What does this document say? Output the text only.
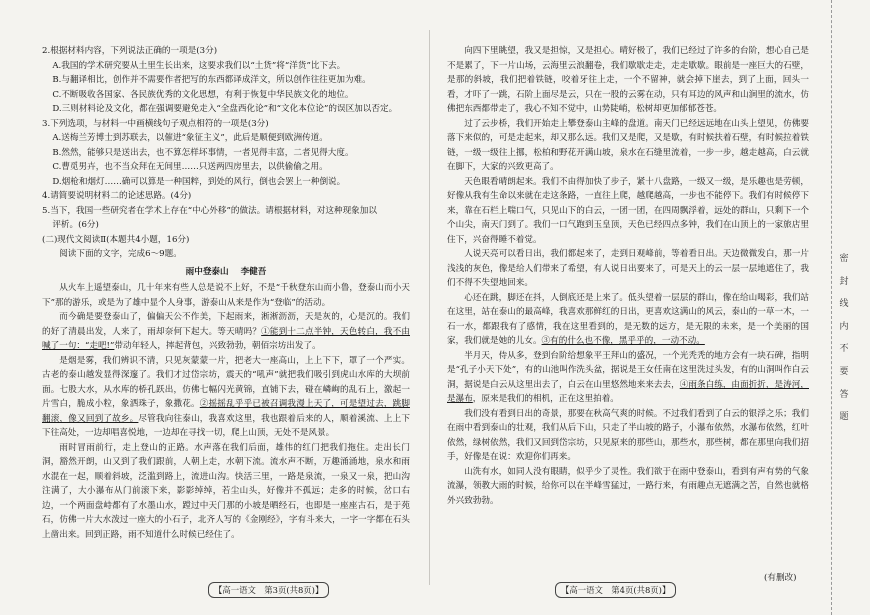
2.根据材料内容，下列说法正确的一项是(3分)

A.我国的学术研究要从土里生长出来，这要求我们以“土货”将“洋货”比下去。

B.与翻译相比，创作并不需要作者把写的东西都译成洋文，所以创作往往更加为难。

C.不断吸收各国家、各民族优秀的文化思想，有利于恢复中华民族文化的地位。

D.三则材料论及文化，都在强调要避免走入“全盘西化论”和“文化本位论”的误区加以否定。

3.下列选项，与材料一中画横线句子观点相符的一项是(3分)

A.送梅兰芳博士到苏联去，以催进“象征主义”，此后是顺便到欧洲传道。

B.然然，能够只是送出去，也不算怎样坏事情，一者见得丰富，二者见得大度。

C.曹觅男卉，也不当众拜在无间里……只送两四房里去，以供偷偷之用。

D.烟枪和烟灯……确可以算是一种国粹，到处的风行，倒也会罢上一种倒说。

4.请简要说明材料二的论述思路。(4分)

5.当下，我国一些研究者在学术上存在“中心外移”的做法。请根据材料，对这种现象加以

评析。(6分)

(二)现代文阅读Ⅱ(本题共4小题，16分)

阅读下面的文字，完成6～9题。

雨中登泰山 李健吾

从火车上遥望泰山，几十年来有些人总是说不上好，不是“千秋登东山而小鲁，登泰山而小天下”那的游乐，或是为了雄中显个人身事，游泰山从来是作为“登临”的活动。

而今确是要登泰山了，偏偏天公不作美，下起雨来，淅淅沥沥，天是灰的，心是沉的。我们的好了清晨出发，人来了，雨却奈何下起大。等天晴吗？①能到十二点半钟，天色转白，我不由喊了一句：“走吧!”带动年轻人，摔起背包，兴致勃勃，朝佰宗坊出发了。

是烟是雾，我们辨识不清，只见灰蒙蒙一片，把老大一座高山，上上下下，罩了一个严实。古老的泰山越发显得深邃了。我们才过岱宗坊，震天的“吼声”就把我们吸引到虎山水库的大坝前面。七股大水，从水库的桥孔跃出，仿佛七幅闪光黄锦，直铺下去，碰在嶙峋的乱石上，激起一片雪白，脆成小粒，象洒珠子，象撒花。②摇摇乱乎乎已被召调我漫上天了，可是望过去，跳脚翻滚，像又回到了故乡。尽管我向往泰山，我喜欢这里，我也跟着后来的人，顺着溪流、上上下下往高处，一边却唱喜悦地，一边却在寻找一切，爬上山顶，无处不是风景。

雨时冒雨前行，走上登山的正路。水声落在我们后面，雄伟的红门把我们拖住。走出长门洞，豁然开朗，山又到了我们跟前，人朝上走，水朝下流。流水声不断，万趣涌涌地，泉水和雨水混在一起，顺着斜坡，泛滥到路上，流进山沟。快活三里，一路是泉流，一泉又一泉，把山沟注满了，大小瀑布从门前滚下来，影影绰绰，若尘山头，好像并不孤远；走多的时候，岔口右边，一个两面盘峙都有了水墨山水，蹚过中天门那的小坡是晒经石，也即是一座座古石，是于苑石，仿佛一片大水泼过一座大的小石子，北齐人写的《金刚经》，字有斗来大，一字一字都在石头上凿出来。回到正路，雨不知道什么时候已经住了。

【高一语文　第3页(共8页)】

向四下里眺望，我又是担惊，又是担心。晴好极了，我们已经过了许多的台阶，想心自己是不是累了，下一片山场，云海里云浪翻卷，我们歇歇走走，走走歇歇。眼前是一座巨大的石壁，是那的斜坡，我们把着铁链，咬着牙往上走，一个不留神，就会掉下崖去，到了上面，回头一看，才吓了一跳，石阶上面尽是云，只在一股的云雾在动，只有耳边的风声和山涧里的流水，仿佛把东西都带走了，我心不知不觉中，山势陡峭，松树却更加郁郁苍苍。

过了云步桥，我们开始走上攀登泰山主峰的盘道。南天门已经远远地在山头上望见，仿佛要落下来似的，可是走起来，却又那么远。我们又是爬，又是歇，有时候扶着石壁，有时候拉着铁链，一级一级往上挪，松柏和野花开满山坡，泉水在石缝里流着，一步一步，越走越高，白云就在脚下，大家的兴致更高了。

天色眼看晴朗起来。我们不由得加快了步子，紧十八盘路，一级又一级，是乐趣也是劳顿，好像从我有生命以来就在走这条路，一直往上爬，越爬越高，一步也不能停下。我们有时候停下来，靠在石栏上喘口气，只见山下的白云，一团一团，在四周飘浮着，远处的群山，只剩下一个个山尖，南天门到了。我们一口气跑到玉皇顶，天色已经四点多钟，我们在山顶上的一家旅店里住下，兴奋得睡不着觉。

人说天亮可以看日出，我们都起来了，走到日观峰前，等着看日出。天边微微发白，那一片浅浅的灰色，像是给人们带来了希望，有人说日出要来了，可是天上的云一层一层地遮住了，我们不得不失望地回来。

心还在跳，脚还在抖，人倒底还是上来了。低头望着一层层的群山，像在给山喝彩，我们站在这里，站在泰山的最高峰，我喜欢那鲜红的日出，更喜欢这满山的风云，泰山的一草一木，一石一水，都跟我有了感情，我在这里看到的，是无数的远方，是无限的未来，是一个美丽的国家，我们就是她的儿女。③有的什么也不像，黑乎乎的，一动不动。

半月天，侍从多，登到台阶给想象平王拜山的盛况，一个光秃秃的地方会有一块石碑，指明是“孔子小天下处”，有的山池叫作洗头盆，据说是王女任南在这里洗过头发，有的山洞叫作白云洞，据说是白云从这里出去了，白云在山里悠然地来来去去，④雨条白练，由面折折，是涛河，是瀑布，原来是我们的相机，正在这里拍着。

我们没有看到日出的奇景，那要在秋高气爽的时候。不过我们看到了白云的银浮之乐；我们在雨中看到泰山的壮观，我们从后下山，只走了半山坡的路子，小瀑布依然，水瀑布依然，红叶依然，绿树依然，我们又回到岱宗坊，只见原来的那些山，那些水，那些树，都在那里向我们招手，好像是在说：欢迎你们再来。

山洗有水，如同人没有眼睛，似乎少了灵性。我们欲于在雨中登泰山，看到有声有势的气象流瀑，领教大雨的时候，给你可以在半峰雪猛过，一路行来，有雨趣点无遮满之苦，自然也就格外兴致勃勃。

(有删改)
【高一语文　第4页(共8页)】
密封线内不要答题
